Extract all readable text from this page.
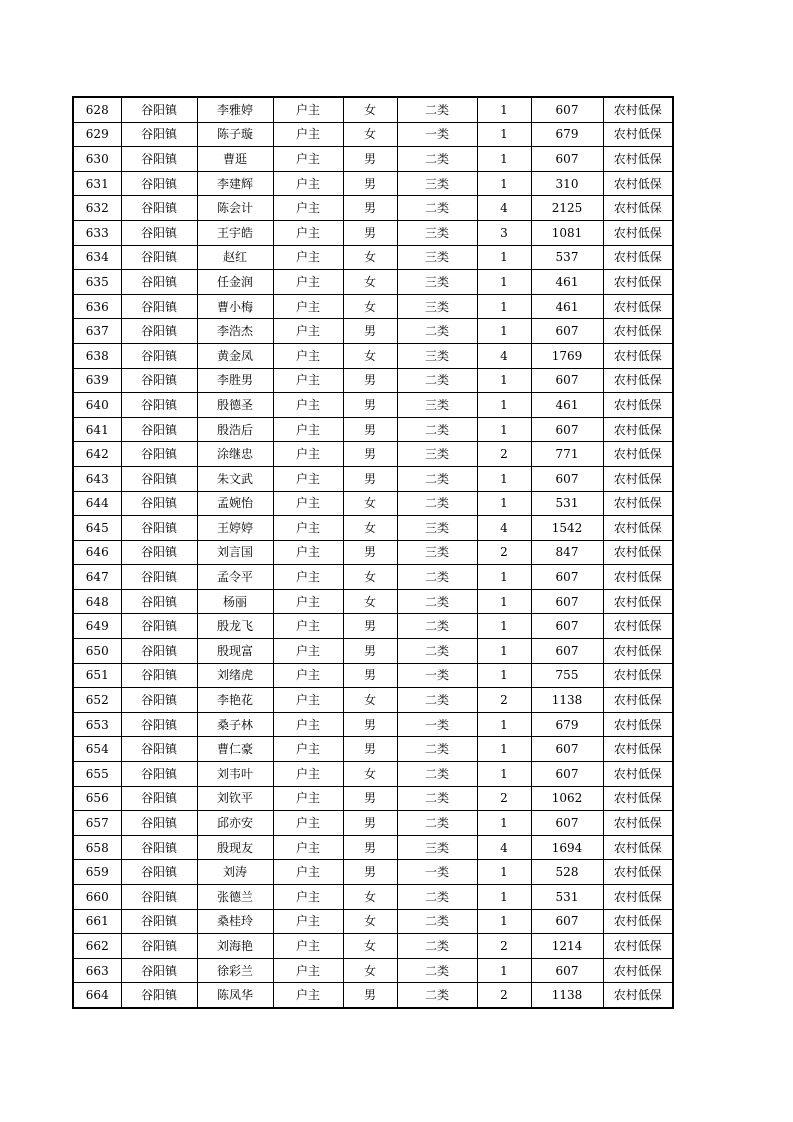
628	谷阳镇	李雅婷	户主	女	二类	1	607	农村低保
629	谷阳镇	陈子璇	户主	女	一类	1	679	农村低保
630	谷阳镇	曹逛	户主	男	二类	1	607	农村低保
631	谷阳镇	李建辉	户主	男	三类	1	310	农村低保
632	谷阳镇	陈会计	户主	男	二类	4	2125	农村低保
633	谷阳镇	王宇皓	户主	男	三类	3	1081	农村低保
634	谷阳镇	赵红	户主	女	三类	1	537	农村低保
635	谷阳镇	任金润	户主	女	三类	1	461	农村低保
636	谷阳镇	曹小梅	户主	女	三类	1	461	农村低保
637	谷阳镇	李浩杰	户主	男	二类	1	607	农村低保
638	谷阳镇	黄金凤	户主	女	三类	4	1769	农村低保
639	谷阳镇	李胜男	户主	男	二类	1	607	农村低保
640	谷阳镇	殷德圣	户主	男	三类	1	461	农村低保
641	谷阳镇	殷浩后	户主	男	二类	1	607	农村低保
642	谷阳镇	涂继忠	户主	男	三类	2	771	农村低保
643	谷阳镇	朱文武	户主	男	二类	1	607	农村低保
644	谷阳镇	孟婉怡	户主	女	二类	1	531	农村低保
645	谷阳镇	王婷婷	户主	女	三类	4	1542	农村低保
646	谷阳镇	刘言国	户主	男	三类	2	847	农村低保
647	谷阳镇	孟令平	户主	女	二类	1	607	农村低保
648	谷阳镇	杨丽	户主	女	二类	1	607	农村低保
649	谷阳镇	殷龙飞	户主	男	二类	1	607	农村低保
650	谷阳镇	殷现富	户主	男	二类	1	607	农村低保
651	谷阳镇	刘绪虎	户主	男	一类	1	755	农村低保
652	谷阳镇	李艳花	户主	女	二类	2	1138	农村低保
653	谷阳镇	桑子林	户主	男	一类	1	679	农村低保
654	谷阳镇	曹仁豪	户主	男	二类	1	607	农村低保
655	谷阳镇	刘韦叶	户主	女	二类	1	607	农村低保
656	谷阳镇	刘钦平	户主	男	二类	2	1062	农村低保
657	谷阳镇	邱亦安	户主	男	二类	1	607	农村低保
658	谷阳镇	殷现友	户主	男	三类	4	1694	农村低保
659	谷阳镇	刘涛	户主	男	一类	1	528	农村低保
660	谷阳镇	张德兰	户主	女	二类	1	531	农村低保
661	谷阳镇	桑桂玲	户主	女	二类	1	607	农村低保
662	谷阳镇	刘海艳	户主	女	二类	2	1214	农村低保
663	谷阳镇	徐彩兰	户主	女	二类	1	607	农村低保
664	谷阳镇	陈凤华	户主	男	二类	2	1138	农村低保
